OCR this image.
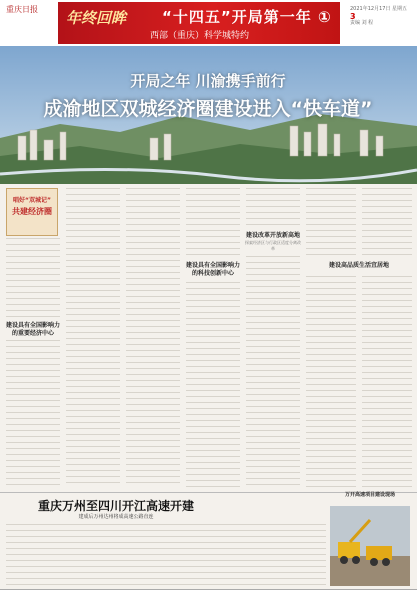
重庆日报 年终回眸 “十四五”开局第一年 ①
西部（重庆）科学城特约
2021年12月17日 星期五
3
责编 刘 程
开局之年 川渝携手前行
成渝地区双城经济圈建设进入“快车道”
唱好“双城记”
共建经济圈
建设具有全国影响力的重要经济中心
建设具有全国影响力的科技创新中心
建设改革开放新高地
探索经济区与行政区适度分离改革
建设高品质生活宜居地
重庆万州至四川开江高速开建
建成后万州达州将成高速公路直连
万开高速项目建设现场
